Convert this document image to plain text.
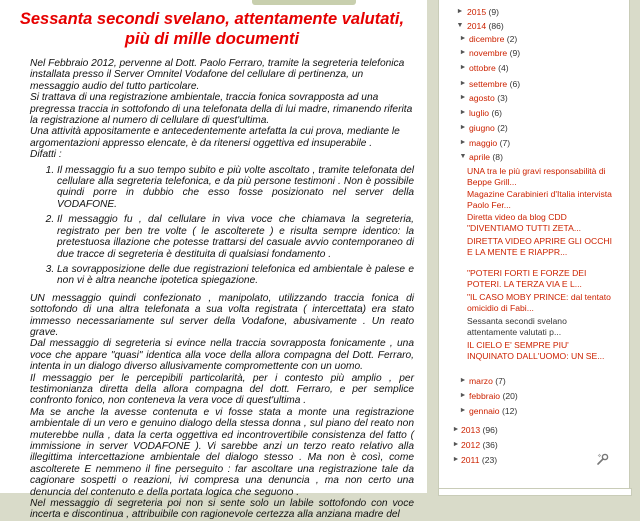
Sessanta secondi svelano, attentamente valutati, più di mille documenti

Nel Febbraio 2012, pervenne al Dott. Paolo Ferraro, tramite la segreteria telefonica installata presso il Server Omnitel Vodafone del cellulare di pertinenza, un messaggio audio del tutto particolare.

Si trattava di una registrazione ambientale, traccia fonica sovrapposta ad una pregressa traccia in sottofondo di una telefonata della di lui madre, rimanendo riferita la registrazione al numero di cellulare di quest'ultima.

Una attività appositamente e antecedentemente artefatta la cui prova, mediante le argomentazioni appresso elencate, è da ritenersi oggettiva ed insuperabile .

Difatti :

1. Il messaggio fu a suo tempo subito e più volte ascoltato , tramite telefonata del cellulare alla segreteria telefonica, e da più persone testimoni . Non è possibile quindi porre in dubbio che esso fosse posizionato nel server della VODAFONE.
2. Il messaggio fu , dal cellulare in viva voce che chiamava la segreteria, registrato per ben tre volte ( le ascolterete ) e risulta sempre identico: la pretestuosa illazione che potesse trattarsi del casuale avvio contemporaneo di due tracce di segreteria è destituita di qualsiasi fondamento .
3. La sovrapposizione delle due registrazioni telefonica ed ambientale è palese e non vi è altra neanche ipotetica spiegazione.

UN messaggio quindi confezionato , manipolato, utilizzando traccia fonica di sottofondo di una altra telefonata a sua volta registrata ( intercettata) era stato immesso necessariamente sul server della Vodafone, abusivamente . Un reato grave.

Dal messaggio di segreteria si evince nella traccia sovrapposta fonicamente , una voce che appare "quasi" identica alla voce della allora compagna del Dott. Ferraro, intenta in un dialogo diverso allusivamente compromettente con un uomo.

Il messaggio per le percepibili particolarità, per i contesto più amplio , per testimonianza diretta della allora compagna del dott. Ferraro, e per semplice confronto fonico, non conteneva la vera voce di quest'ultima .

Ma se anche la avesse contenuta e vi fosse stata a monte una registrazione ambientale di un vero e genuino dialogo della stessa donna , sul piano del reato non muterebbe nulla , data la certa oggettiva ed incontrovertibile consistenza del fatto ( immissione in server VODAFONE ). Vi sarebbe anzi un terzo reato relativo alla illegittima intercettazione ambientale del dialogo stesso . Ma non è così, come ascolterete E nemmeno il fine perseguito : far ascoltare una registrazione tale da cagionare sospetti o reazioni, ivi compresa una denuncia , ma non certo una denuncia del contenuto e della portata logica che seguono .

Nel messaggio di segreteria poi non si sente solo un labile sottofondo con voce incerta e discontinua , attribuibile con ragionevole certezza alla anziana madre del

► 2015 (9)
▼ 2014 (86)
► dicembre (2)
► novembre (9)
► ottobre (4)
► settembre (6)
► agosto (3)
► luglio (6)
► giugno (2)
► maggio (7)
▼ aprile (8)
UNA tra le più gravi responsabilità di Beppe Grill...
Magazine Carabinieri d'Italia intervista Paolo Fer...
Diretta video da blog CDD "DIVENTIAMO TUTTI ZETA...
DIRETTA VIDEO APRIRE GLI OCCHI E LA MENTE E RIAPPR...
"POTERI FORTI E FORZE DEI POTERI. LA TERZA VIA E L...
"IL CASO MOBY PRINCE: dal tentato omicidio di Fabi...
Sessanta secondi svelano attentamente valutati p...
IL CIELO E' SEMPRE PIU' INQUINATO DALL'UOMO: UN SE...
► marzo (7)
► febbraio (20)
► gennaio (12)
► 2013 (96)
► 2012 (36)
► 2011 (23)
